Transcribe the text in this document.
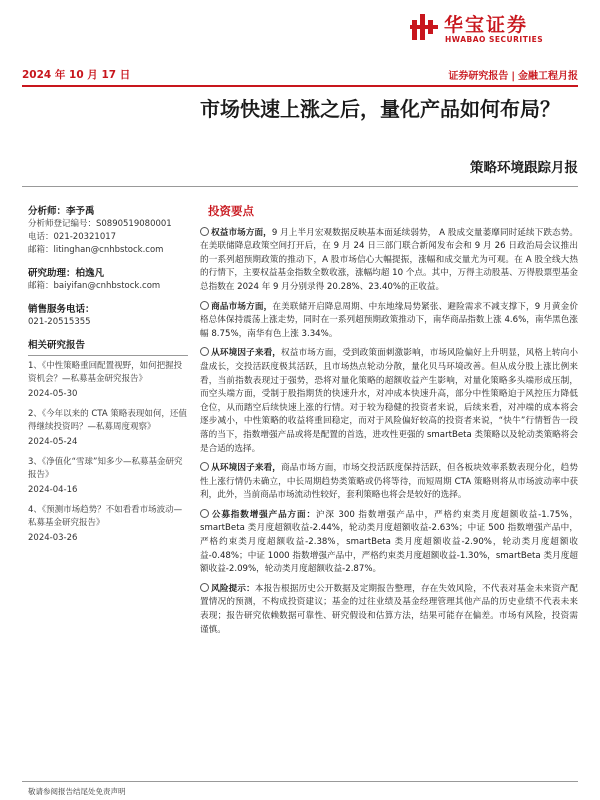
华宝证券
HWABAO SECURITIES
2024 年 10 月 17 日	证券研究报告 | 金融工程月报
市场快速上涨之后，量化产品如何布局？
策略环境跟踪月报
分析师：李予禹
分析师登记编号：S0890519080001
电话：021-20321017
邮箱：litinghan@cnhbstock.com
研究助理：柏逸凡
邮箱：baiyifan@cnhbstock.com
销售服务电话：
021-20515355
相关研究报告
1、《中性策略重回配置视野，如何把握投资机会？—私募基金研究报告》
2024-05-30
2、《今年以来的 CTA 策略表现如何，还值得继续投资吗？—私募周度观察》
2024-05-24
3、《净值化“雪球”知多少—私募基金研究报告》
2024-04-16
4、《预测市场趋势？不如看看市场波动—私募基金研究报告》
2024-03-26
投资要点
权益市场方面，9 月上半月宏观数据反映基本面延续弱势， A 股成交量萎靡同时延续下跌态势。在美联储降息政策空间打开后，在 9 月 24 日三部门联合新闻发布会和 9 月 26 日政治局会议推出的一系列超预期政策的推动下，A 股市场信心大幅提振，涨幅和成交量尤为可观。在 A 股全线大热的行情下，主要权益基金指数全数收涨，涨幅均超 10 个点。其中，万得主动股基、万得股票型基金总指数在 2024 年 9 月分别录得 20.28%、23.40%的正收益。
商品市场方面，在美联储开启降息周期、中东地缘局势紧张、避险需求不减支撑下，9 月黄金价格总体保持震荡上涨走势，同时在一系列超预期政策推动下，南华商品指数上涨 4.6%，南华黑色涨幅 8.75%，南华有色上涨 3.34%。
从环境因子来看，权益市场方面，受到政策面刺激影响，市场风险偏好上升明显，风格上转向小盘成长，交投活跃度极其活跃，且市场热点轮动分散，量化贝马环境改善。但从成分股上涨比例来看，当前指数表现过于强势，恐将对量化策略的超额收益产生影响，对量化策略多头端形成压制，而空头端方面，受制于股指期货的快速升水，对冲成本快速升高，部分中性策略迫于风控压力降低仓位，从而踏空后续快速上涨的行情。对于较为稳健的投资者来说，后续来看，对冲端的成本将会逐步减小，中性策略的收益将重回稳定，而对于风险偏好较高的投资者来说，“快牛”行情暂告一段落的当下，指数增强产品或将是配置的首选，进攻性更强的 smartBeta 类策略以及轮动类策略将会是合适的选择。
从环境因子来看，商品市场方面，市场交投活跃度保持活跃，但各板块效率系数表现分化，趋势性上涨行情仍未确立，中长周期趋势类策略或仍将等待，而短周期 CTA 策略则将从市场波动率中获利，此外，当前商品市场流动性较好，套利策略也将会是较好的选择。
公募指数增强产品方面：沪深 300 指数增强产品中，严格约束类月度超额收益-1.75%，smartBeta 类月度超额收益-2.44%，轮动类月度超额收益-2.63%；中证 500 指数增强产品中，严格约束类月度超额收益-2.38%，smartBeta 类月度超额收益-2.90%，轮动类月度超额收益-0.48%；中证 1000 指数增强产品中，严格约束类月度超额收益-1.30%，smartBeta 类月度超额收益-2.09%，轮动类月度超额收益-2.87%。
风险提示：本报告根据历史公开数据及定期报告整理，存在失效风险，不代表对基金未来资产配置情况的预测，不构成投资建议；基金的过往业绩及基金经理管理其他产品的历史业绩不代表未来表现；报告研究依赖数据可靠性、研究假设和估算方法，结果可能存在偏差。市场有风险，投资需谨慎。
敬请参阅报告结尾处免责声明
